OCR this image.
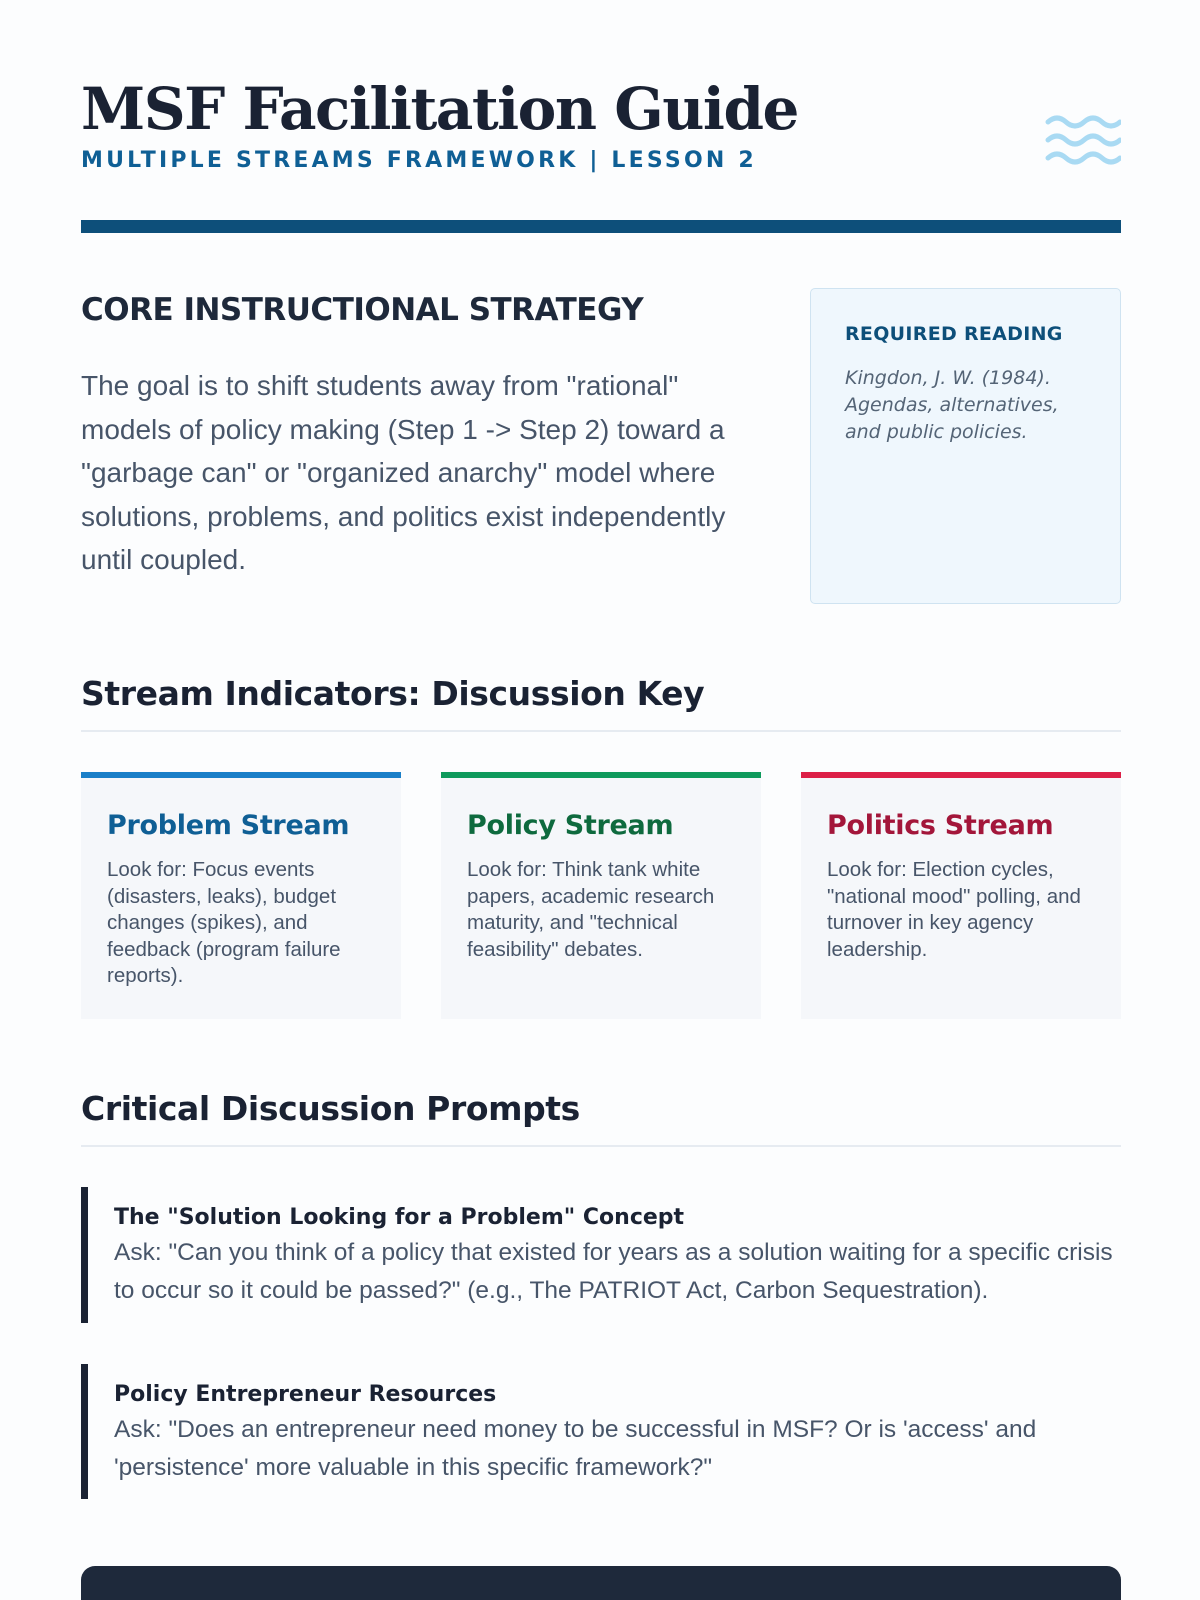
MSF Facilitation Guide
MULTIPLE STREAMS FRAMEWORK | LESSON 2
CORE INSTRUCTIONAL STRATEGY

The goal is to shift students away from "rational" models of policy making (Step 1 -> Step 2) toward a "garbage can" or "organized anarchy" model where solutions, problems, and politics exist independently until coupled.

REQUIRED READING

Kingdon, J. W. (1984). Agendas, alternatives, and public policies.

Stream Indicators: Discussion Key
Problem Stream

Look for: Focus events (disasters, leaks), budget changes (spikes), and feedback (program failure reports).

Policy Stream

Look for: Think tank white papers, academic research maturity, and "technical feasibility" debates.

Politics Stream

Look for: Election cycles, "national mood" polling, and turnover in key agency leadership.

Critical Discussion Prompts
The "Solution Looking for a Problem" Concept

Ask: "Can you think of a policy that existed for years as a solution waiting for a specific crisis to occur so it could be passed?" (e.g., The PATRIOT Act, Carbon Sequestration).

Policy Entrepreneur Resources

Ask: "Does an entrepreneur need money to be successful in MSF? Or is 'access' and 'persistence' more valuable in this specific framework?"
